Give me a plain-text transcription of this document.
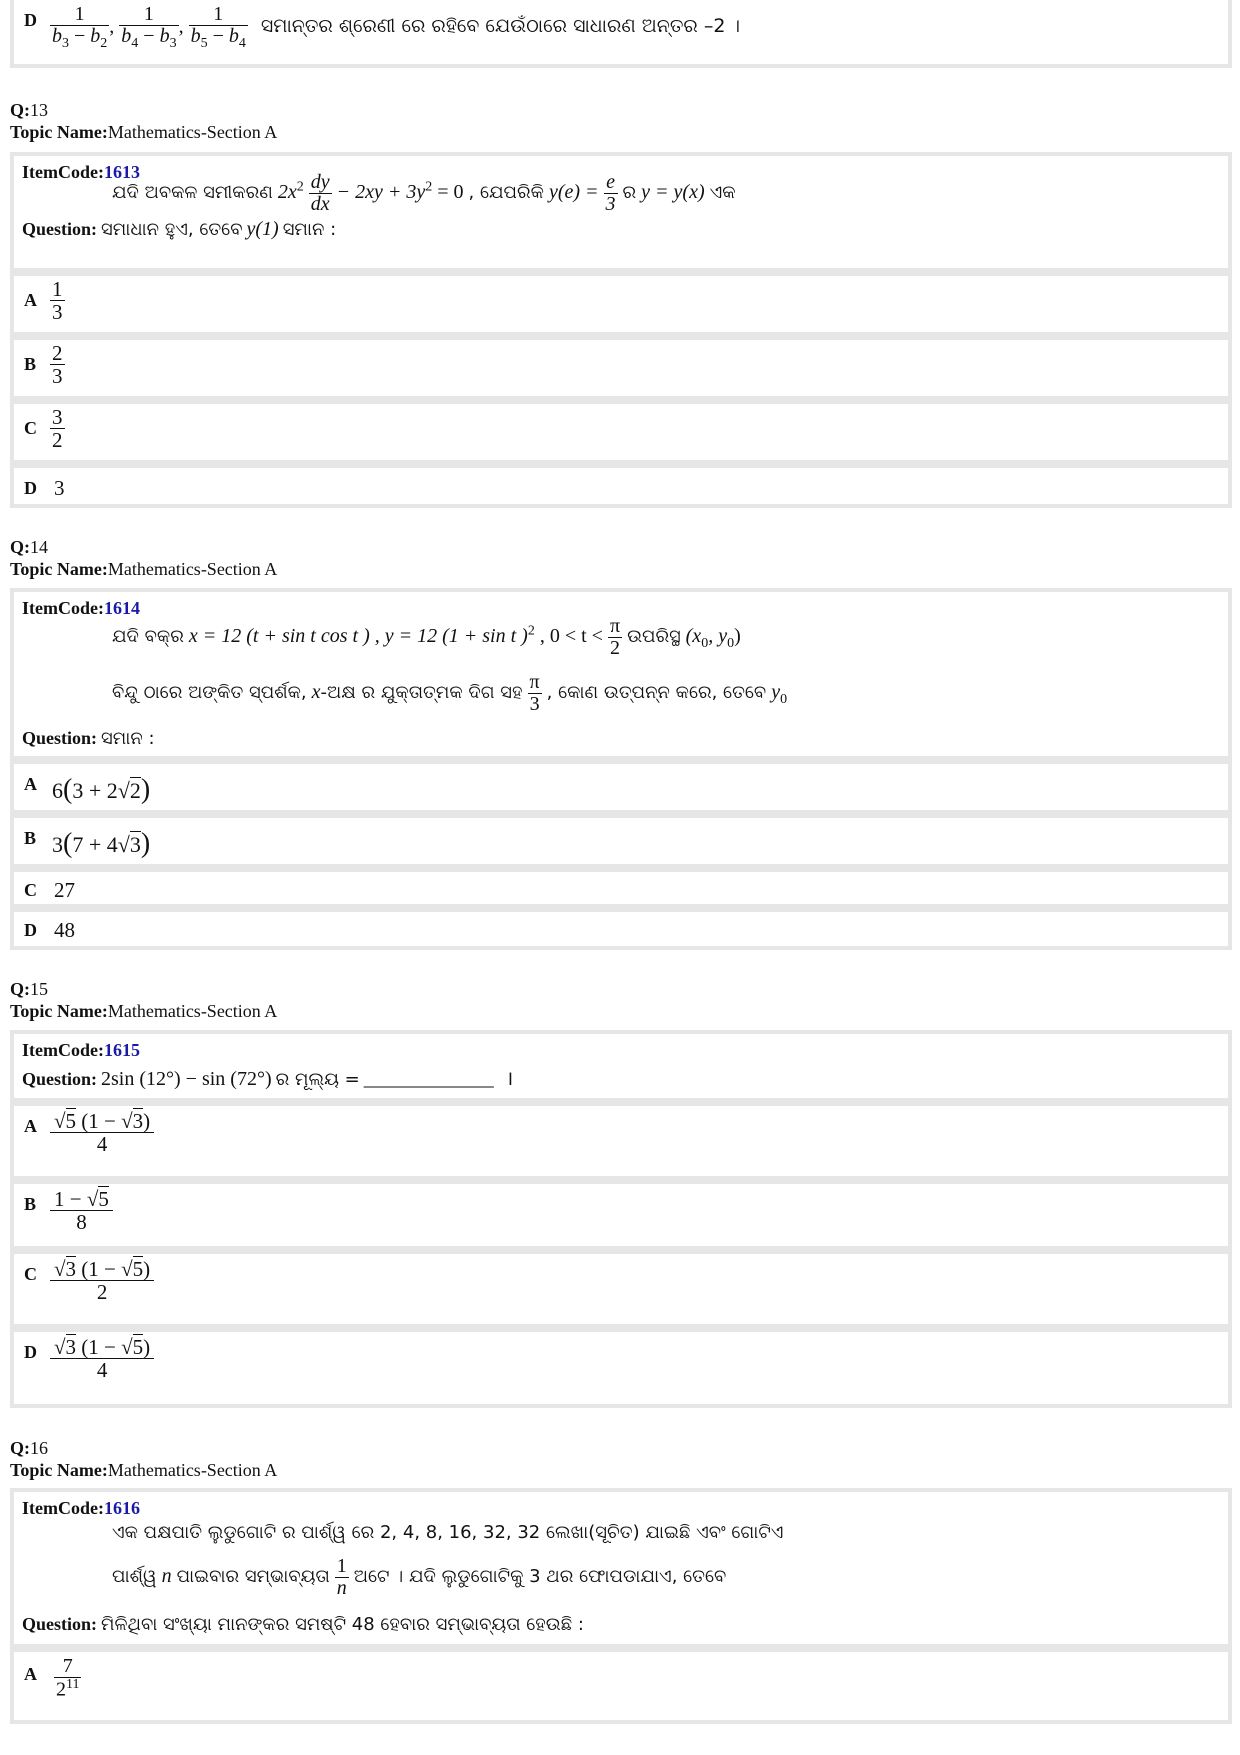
D $\frac{1}{b_3 - b_2}$ , $\frac{1}{b_4 - b_3}$ , $\frac{1}{b_5 - b_4}$ ସମାନ୍ତର ଶ୍ରେଣୀ ରେ ରହିବେ ଯେଉଁଠାରେ ସାଧାରଣ ଅନ୍ତର –2 ।
Q:13
Topic Name:Mathematics-Section A
ItemCode:1613
ଯଦି ଅବକଳ ସମୀକରଣ $2x^2 \frac{dy}{dx} - 2xy + 3y^2 = 0$ , ଯେପରିକି $y(e) = \frac{e}{3}$ ର y = y(x) ଏକ
Question: ସମାଧାନ ହୁଏ, ତେବେ y(1) ସମାନ :
A $\frac{1}{3}$
B $\frac{2}{3}$
C $\frac{3}{2}$
D 3
Q:14
Topic Name:Mathematics-Section A
ItemCode:1614
ଯଦି ବକ୍ର x = 12 (t + sin t cos t ) , y = 12 (1 + sin t )$^2$ , $0 < t < \frac{\pi}{2}$ ଉପରିସ୍ଥ ($x_0$, $y_0$)
ବିନ୍ଦୁ ଠାରେ ଅଙ୍କିତ ସ୍ପର୍ଶକ, x-ଅକ୍ଷ ର ଯୁକ୍ତାତ୍ମକ ଦିଗ ସହ $\frac{\pi}{3}$ , କୋଣ ଉତ୍ପନ୍ନ କରେ, ତେବେ $y_0$
Question: ସମାନ :
A 6(3 + 2√2)
B 3(7 + 4√3)
C 27
D 48
Q:15
Topic Name:Mathematics-Section A
ItemCode:1615
Question: 2sin (12°) − sin (72°) ର ମୂଲ୍ୟ = _____________ ।
A $\frac{√5 (1 - √3)}{4}$
B $\frac{1 - √5}{8}$
C $\frac{√3 (1 - √5)}{2}$
D $\frac{√3 (1 - √5)}{4}$
Q:16
Topic Name:Mathematics-Section A
ItemCode:1616
ଏକ ପକ୍ଷପାତି ଲୁଡୁଗୋଟି ର ପାର୍ଶ୍ୱ ରେ 2, 4, 8, 16, 32, 32 ଲେଖା(ସୂଚିତ) ଯାଇଛି ଏବଂ ଗୋଟିଏ
ପାର୍ଶ୍ୱ n ପାଇବାର ସମ୍ଭାବ୍ୟତା $\frac{1}{n}$ ଅଟେ । ଯଦି ଲୁଡୁଗୋଟିକୁ 3 ଥର ଫୋପଡାଯାଏ, ତେବେ
Question: ମିଳିଥିବା ସଂଖ୍ୟା ମାନଙ୍କର ସମଷ୍ଟି 48 ହେବାର ସମ୍ଭାବ୍ୟତା ହେଉଛି :
A $\frac{7}{2^{11}}$
